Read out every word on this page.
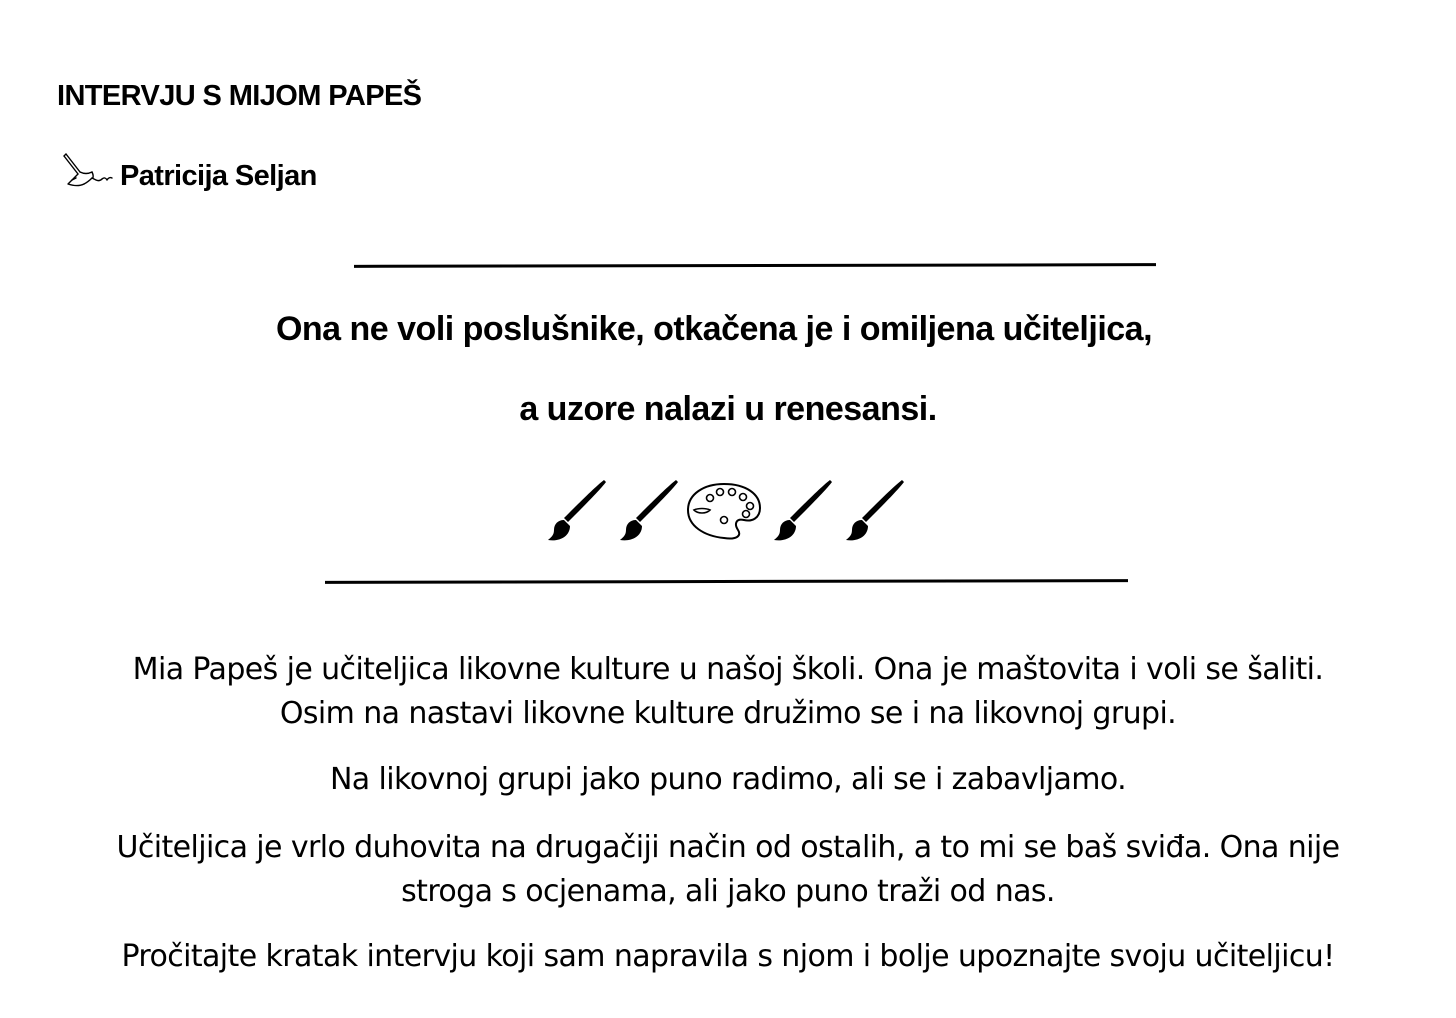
INTERVJU S MIJOM PAPEŠ
Patricija Seljan
Ona ne voli poslušnike, otkačena je i omiljena učiteljica,
a uzore nalazi u renesansi.
Mia Papeš je učiteljica likovne kulture u našoj školi. Ona je maštovita i voli se šaliti.
Osim na nastavi likovne kulture družimo se i na likovnoj grupi.
Na likovnoj grupi jako puno radimo, ali se i zabavljamo.
Učiteljica je vrlo duhovita na drugačiji način od ostalih, a to mi se baš sviđa. Ona nije
stroga s ocjenama, ali jako puno traži od nas.
Pročitajte kratak intervju koji sam napravila s njom i bolje upoznajte svoju učiteljicu!
